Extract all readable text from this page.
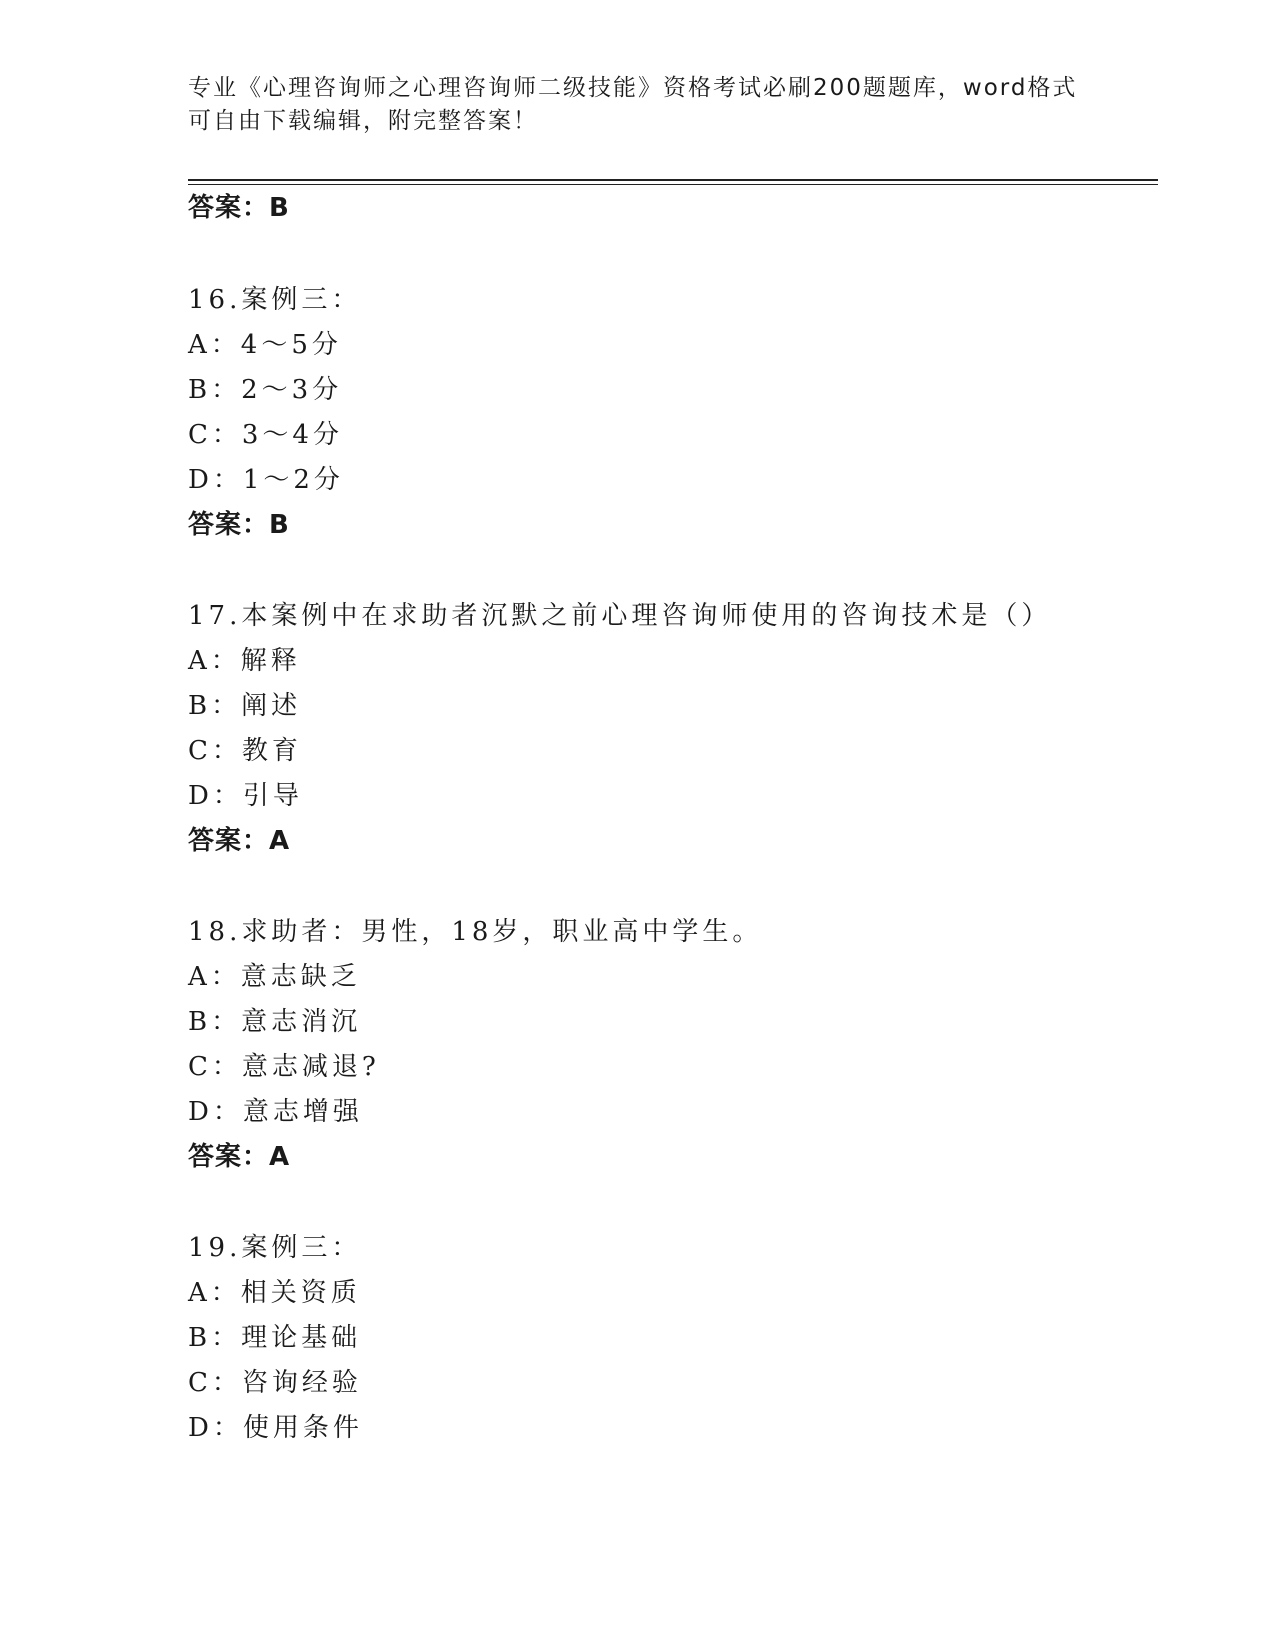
专业《心理咨询师之心理咨询师二级技能》资格考试必刷200题题库，word格式
可自由下载编辑，附完整答案！
答案：B
16.案例三：
A：4～5分
B：2～3分
C：3～4分
D：1～2分
答案：B
17.本案例中在求助者沉默之前心理咨询师使用的咨询技术是（）
A：解释
B：阐述
C：教育
D：引导
答案：A
18.求助者：男性，18岁，职业高中学生。
A：意志缺乏
B：意志消沉
C：意志减退?
D：意志增强
答案：A
19.案例三：
A：相关资质
B：理论基础
C：咨询经验
D：使用条件
